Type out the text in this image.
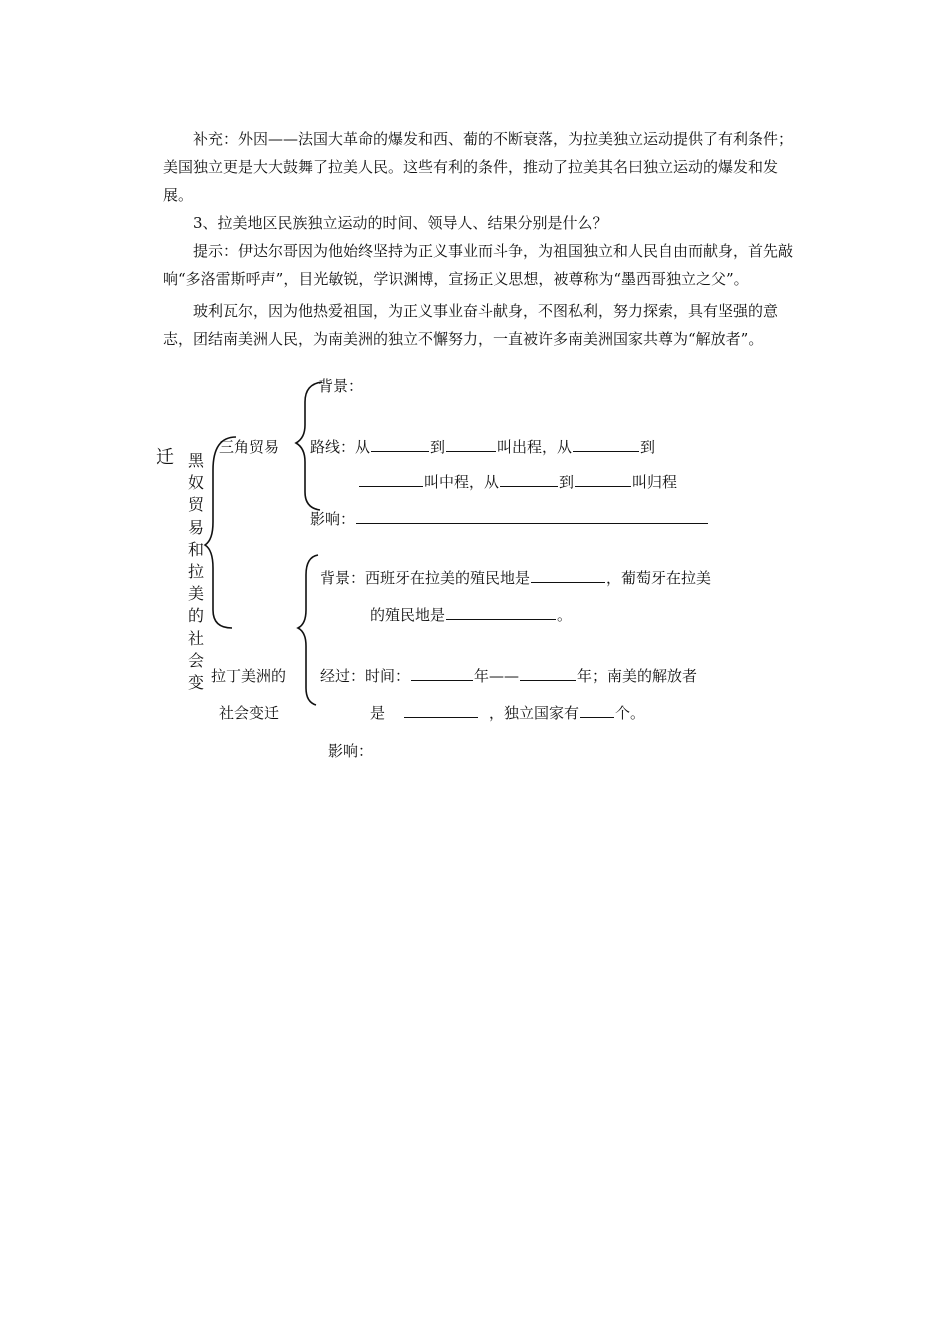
补充：外因——法国大革命的爆发和西、葡的不断衰落，为拉美独立运动提供了有利条件；美国独立更是大大鼓舞了拉美人民。这些有利的条件，推动了拉美其名曰独立运动的爆发和发展。

3、拉美地区民族独立运动的时间、领导人、结果分别是什么？

提示：伊达尔哥因为他始终坚持为正义事业而斗争，为祖国独立和人民自由而献身，首先敲响“多洛雷斯呼声”，目光敏锐，学识渊博，宣扬正义思想，被尊称为“墨西哥独立之父”。

玻利瓦尔，因为他热爱祖国，为正义事业奋斗献身，不图私利，努力探索，具有坚强的意志，团结南美洲人民，为南美洲的独立不懈努力，一直被许多南美洲国家共尊为“解放者”。

迁 黑
奴
贸
易
和
拉
美
的
社
会
变
三角贸易
背景：
路线：从	到	叫出程，从	到
叫中程，从	到	叫归程
影响：
拉丁美洲的
社会变迁
背景：西班牙在拉美的殖民地是	，葡萄牙在拉美
的殖民地是	。
经过：时间：	年——	年；南美的解放者
是	，独立国家有 个。
影响：
